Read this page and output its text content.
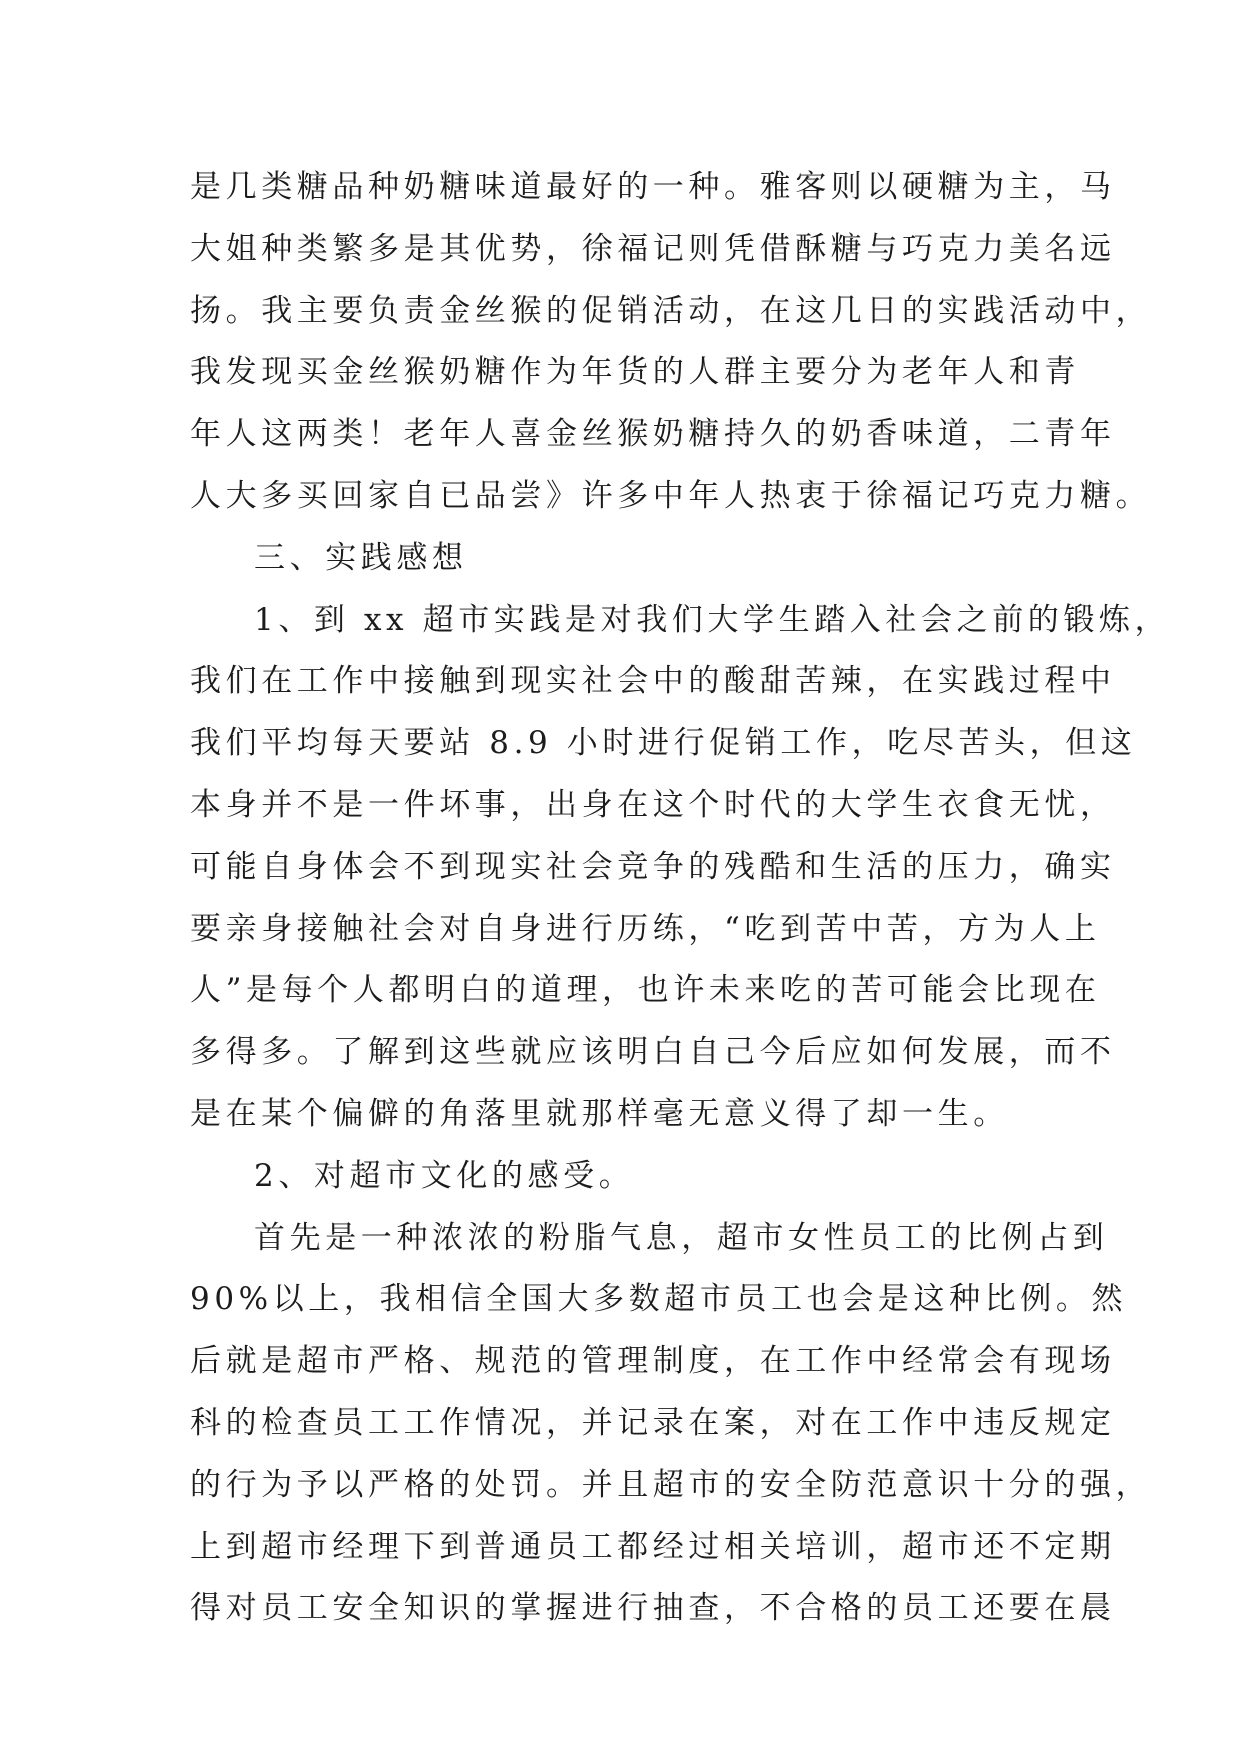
是几类糖品种奶糖味道最好的一种。雅客则以硬糖为主，马
大姐种类繁多是其优势，徐福记则凭借酥糖与巧克力美名远
扬。我主要负责金丝猴的促销活动，在这几日的实践活动中，
我发现买金丝猴奶糖作为年货的人群主要分为老年人和青
年人这两类！老年人喜金丝猴奶糖持久的奶香味道，二青年
人大多买回家自已品尝》许多中年人热衷于徐福记巧克力糖。
三、实践感想
1、到 xx 超市实践是对我们大学生踏入社会之前的锻炼，
我们在工作中接触到现实社会中的酸甜苦辣，在实践过程中
我们平均每天要站 8.9 小时进行促销工作，吃尽苦头，但这
本身并不是一件坏事，出身在这个时代的大学生衣食无忧，
可能自身体会不到现实社会竞争的残酷和生活的压力，确实
要亲身接触社会对自身进行历练，“吃到苦中苦，方为人上
人”是每个人都明白的道理，也许未来吃的苦可能会比现在
多得多。了解到这些就应该明白自己今后应如何发展，而不
是在某个偏僻的角落里就那样毫无意义得了却一生。
2、对超市文化的感受。
首先是一种浓浓的粉脂气息，超市女性员工的比例占到
90%以上，我相信全国大多数超市员工也会是这种比例。然
后就是超市严格、规范的管理制度，在工作中经常会有现场
科的检查员工工作情况，并记录在案，对在工作中违反规定
的行为予以严格的处罚。并且超市的安全防范意识十分的强，
上到超市经理下到普通员工都经过相关培训，超市还不定期
得对员工安全知识的掌握进行抽查，不合格的员工还要在晨
